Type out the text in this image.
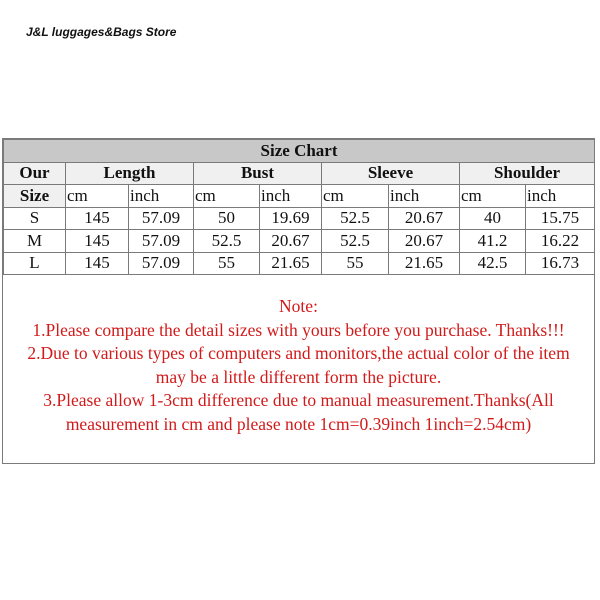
J&L luggages&Bags Store
Size Chart								
Our	Length		Bust		Sleeve		Shoulder	
Size	cm	inch	cm	inch	cm	inch	cm	inch
S	145	57.09	50	19.69	52.5	20.67	40	15.75
M	145	57.09	52.5	20.67	52.5	20.67	41.2	16.22
L	145	57.09	55	21.65	55	21.65	42.5	16.73
Note:
1.Please compare the detail sizes with yours before you purchase. Thanks!!!
2.Due to various types of computers and monitors,the actual color of the item
may be a little different form the picture.
3.Please allow 1-3cm difference due to manual measurement.Thanks(All
measurement in cm and please note 1cm=0.39inch 1inch=2.54cm)
